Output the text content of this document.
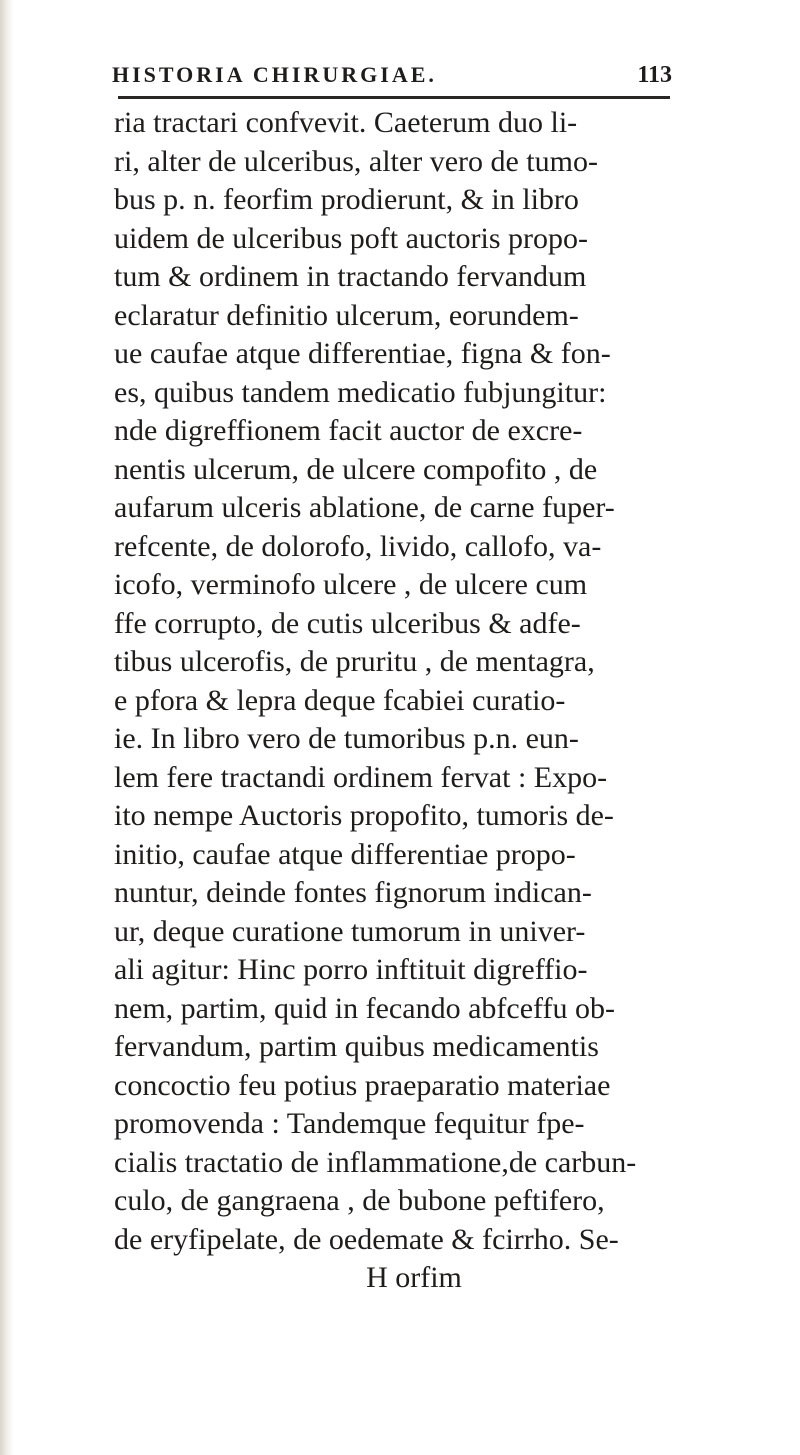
HISTORIA CHIRURGIAE.	113
ria tractari confvevit. Caeterum duo li-
ri, alter de ulceribus, alter vero de tumo-
bus p. n. feorfim prodierunt, & in libro
uidem de ulceribus poft auctoris propo-
tum & ordinem in tractando fervandum
eclaratur definitio ulcerum, eorundem-
ue caufae atque differentiae, figna & fon-
es, quibus tandem medicatio fubjungitur:
nde digreffionem facit auctor de excre-
nentis ulcerum, de ulcere compofito , de
aufarum ulceris ablatione, de carne fuper-
refcente, de dolorofo, livido, callofo, va-
icofo, verminofo ulcere , de ulcere cum
ffe corrupto, de cutis ulceribus & adfe-
tibus ulcerofis, de pruritu , de mentagra,
e pfora & lepra deque fcabiei curatio-
ie. In libro vero de tumoribus p.n. eun-
lem fere tractandi ordinem fervat : Expo-
ito nempe Auctoris propofito, tumoris de-
initio, caufae atque differentiae propo-
nuntur, deinde fontes fignorum indican-
ur, deque curatione tumorum in univer-
ali agitur: Hinc porro inftituit digreffio-
nem, partim, quid in fecando abfceffu ob-
fervandum, partim quibus medicamentis
concoctio feu potius praeparatio materiae
promovenda : Tandemque fequitur fpe-
cialis tractatio de inflammatione,de carbun-
culo, de gangraena , de bubone peftifero,
de eryfipelate, de oedemate & fcirrho. Se-
H orfim
